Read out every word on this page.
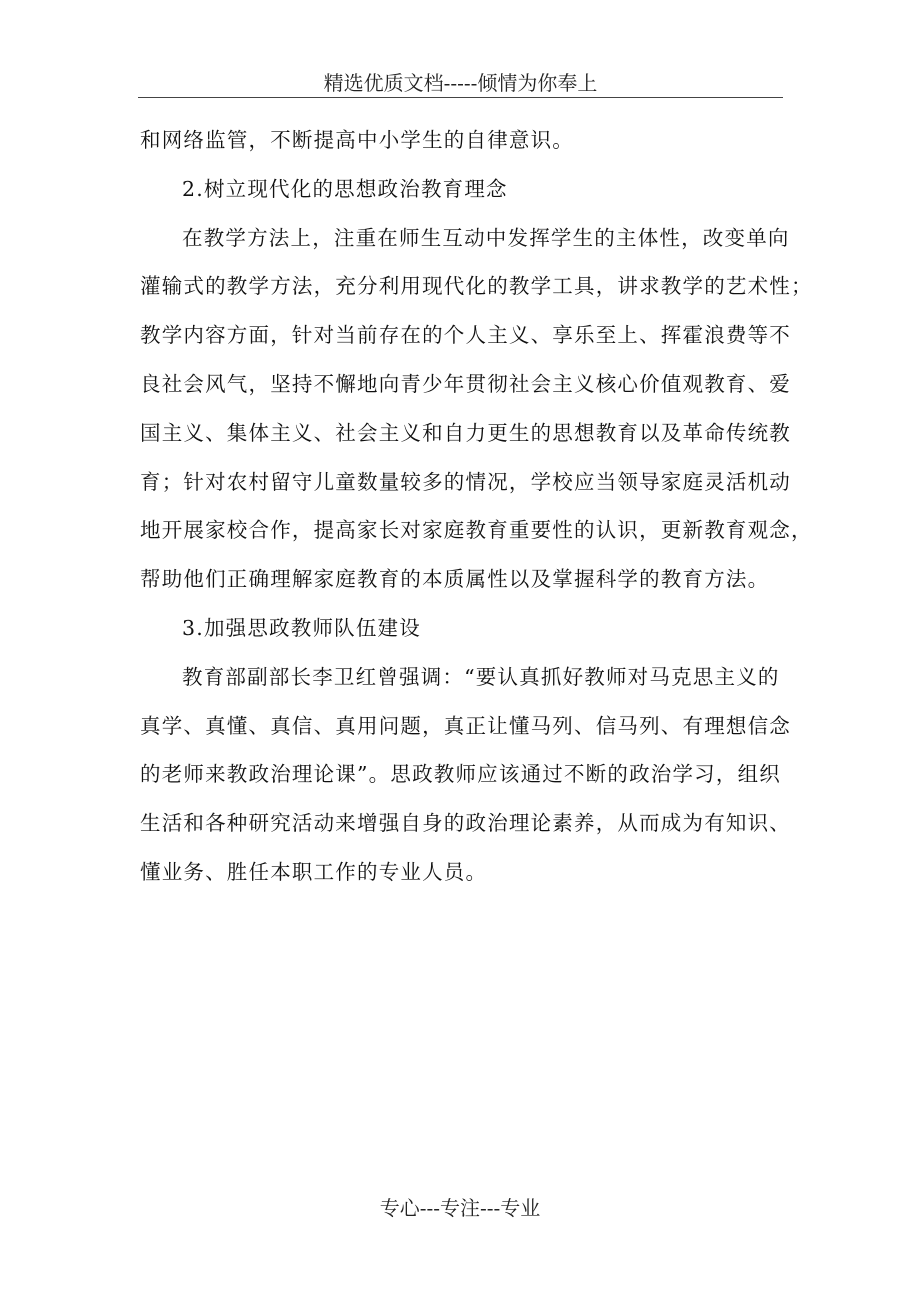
精选优质文档-----倾情为你奉上
和网络监管，不断提高中小学生的自律意识。
2.树立现代化的思想政治教育理念
在教学方法上，注重在师生互动中发挥学生的主体性，改变单向
灌输式的教学方法，充分利用现代化的教学工具，讲求教学的艺术性；
教学内容方面，针对当前存在的个人主义、享乐至上、挥霍浪费等不
良社会风气，坚持不懈地向青少年贯彻社会主义核心价值观教育、爱
国主义、集体主义、社会主义和自力更生的思想教育以及革命传统教
育；针对农村留守儿童数量较多的情况，学校应当领导家庭灵活机动
地开展家校合作，提高家长对家庭教育重要性的认识，更新教育观念，
帮助他们正确理解家庭教育的本质属性以及掌握科学的教育方法。
3.加强思政教师队伍建设
教育部副部长李卫红曾强调：“要认真抓好教师对马克思主义的
真学、真懂、真信、真用问题，真正让懂马列、信马列、有理想信念
的老师来教政治理论课”。思政教师应该通过不断的政治学习，组织
生活和各种研究活动来增强自身的政治理论素养，从而成为有知识、
懂业务、胜任本职工作的专业人员。
专心---专注---专业
